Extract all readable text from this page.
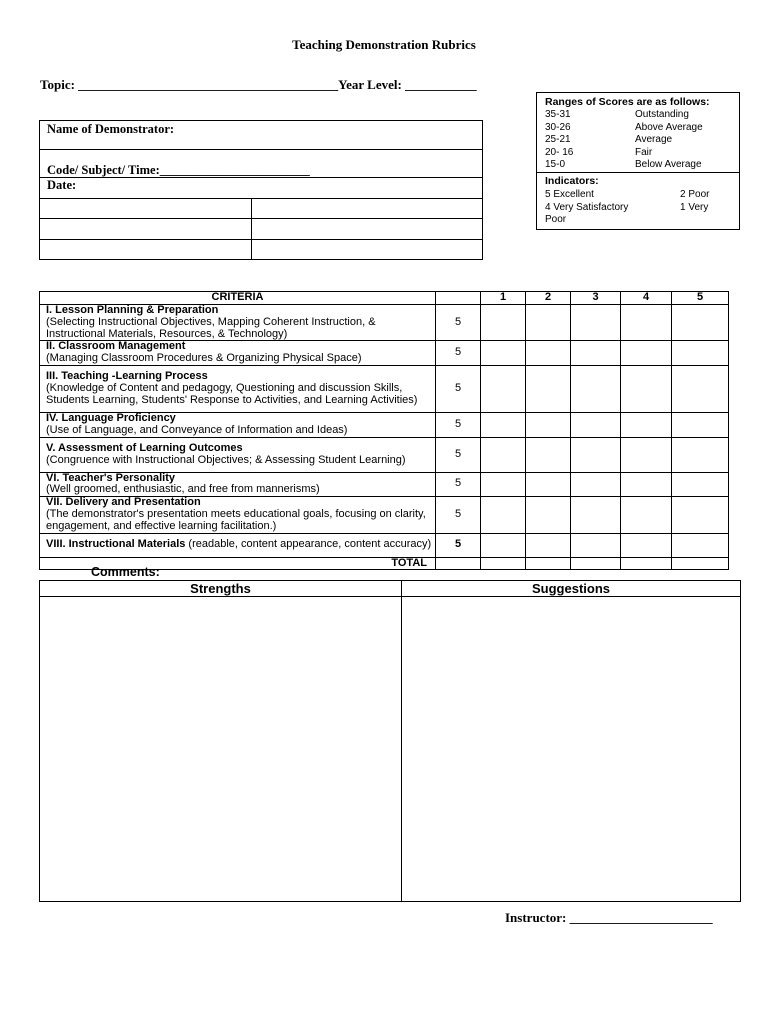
Teaching Demonstration Rubrics
Topic: ________________________________________Year Level: ___________
Name of Demonstrator:
Code/ Subject/ Time:________________________
Date:
Ranges of Scores are as follows:
35-31	Outstanding
30-26	Above Average
25-21	Average
20- 16	Fair
15-0	Below Average
Indicators:
5 Excellent	2 Poor
4 Very Satisfactory	1 Very
Poor
CRITERIA		1	2	3	4	5

I. Lesson Planning & Preparation
(Selecting Instructional Objectives, Mapping Coherent Instruction, & Instructional Materials, Resources, & Technology)	5					

II. Classroom Management
(Managing Classroom Procedures & Organizing Physical Space)	5					

III. Teaching -Learning Process
(Knowledge of Content and pedagogy, Questioning and discussion Skills, Students Learning, Students' Response to Activities, and Learning Activities)	5					

IV. Language Proficiency
(Use of Language, and Conveyance of Information and Ideas)	5					

V. Assessment of Learning Outcomes
(Congruence with Instructional Objectives; & Assessing Student Learning)	5					

VI. Teacher's Personality
(Well groomed, enthusiastic, and free from mannerisms)	5					

VII. Delivery and Presentation
(The demonstrator's presentation meets educational goals, focusing on clarity, engagement, and effective learning facilitation.)	5					
VIII. Instructional Materials (readable, content appearance, content accuracy)	5					
TOTAL						
Comments:
Strengths	Suggestions
Instructor: ______________________
